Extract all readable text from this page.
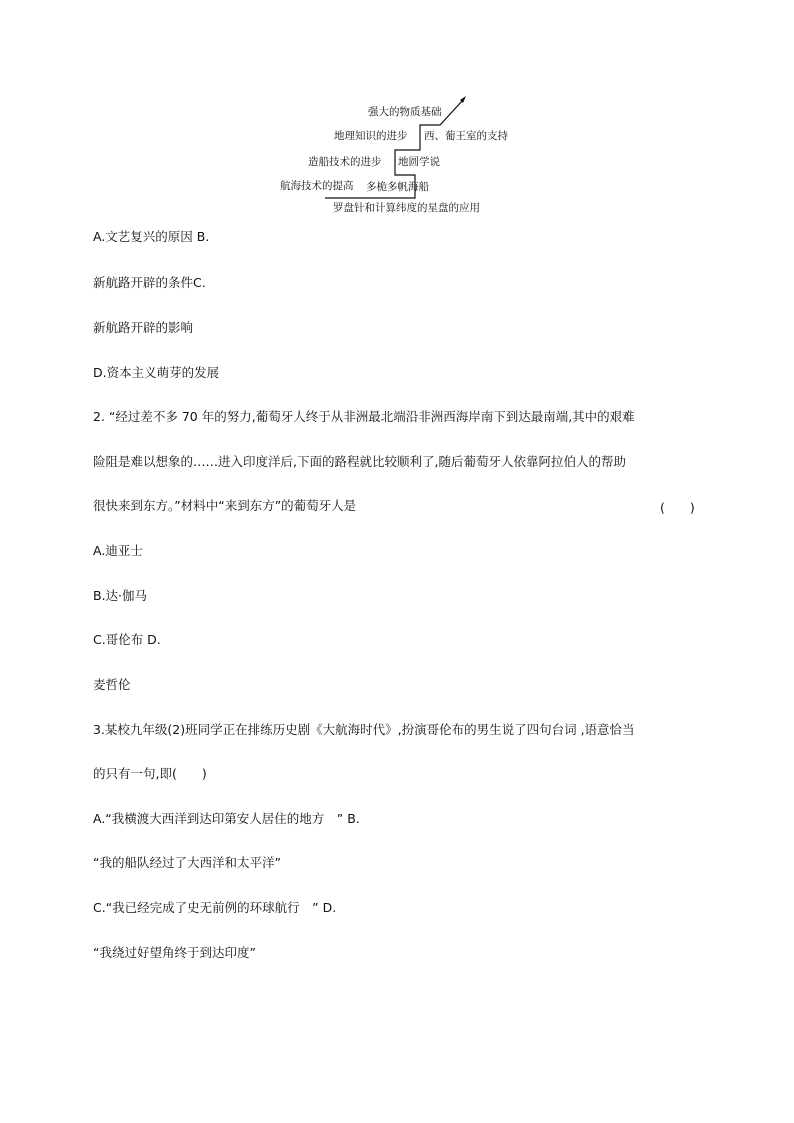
强大的物质基础
地理知识的进步 西、葡王室的支持
造船技术的进步 地圆学说
航海技术的提高 多桅多帆海船
罗盘针和计算纬度的星盘的应用
A.文艺复兴的原因 B.
新航路开辟的条件C.
新航路开辟的影响
D.资本主义萌芽的发展
2. “经过差不多 70 年的努力,葡萄牙人终于从非洲最北端沿非洲西海岸南下到达最南端,其中的艰难
险阻是难以想象的……进入印度洋后,下面的路程就比较顺利了,随后葡萄牙人依靠阿拉伯人的帮助
很快来到东方。”材料中“来到东方”的葡萄牙人是	(　　)
A.迪亚士
B.达·伽马
C.哥伦布 D.
麦哲伦
3.某校九年级(2)班同学正在排练历史剧《大航海时代》,扮演哥伦布的男生说了四句台词 ,语意恰当
的只有一句,即(　　)
A.“我横渡大西洋到达印第安人居住的地方　” B.
“我的船队经过了大西洋和太平洋”
C.“我已经完成了史无前例的环球航行　” D.
“我绕过好望角终于到达印度”
